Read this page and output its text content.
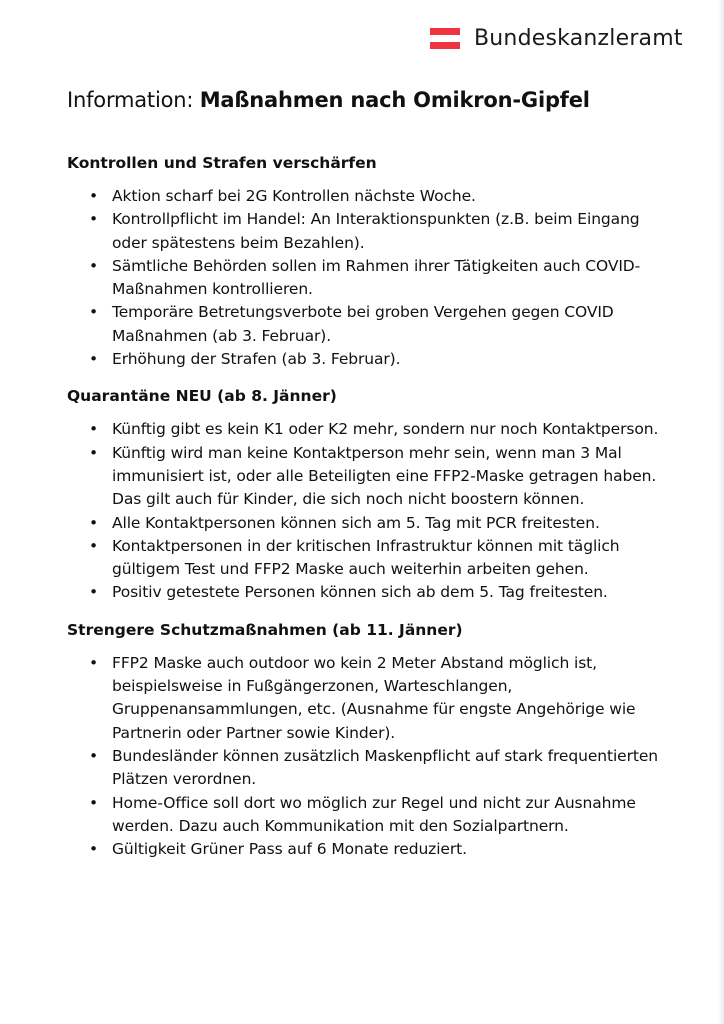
Bundeskanzleramt
Information: Maßnahmen nach Omikron-Gipfel
Kontrollen und Strafen verschärfen
• Aktion scharf bei 2G Kontrollen nächste Woche.
• Kontrollpflicht im Handel: An Interaktionspunkten (z.B. beim Eingang oder spätestens beim Bezahlen).
• Sämtliche Behörden sollen im Rahmen ihrer Tätigkeiten auch COVID-Maßnahmen kontrollieren.
• Temporäre Betretungsverbote bei groben Vergehen gegen COVID Maßnahmen (ab 3. Februar).
• Erhöhung der Strafen (ab 3. Februar).
Quarantäne NEU (ab 8. Jänner)
• Künftig gibt es kein K1 oder K2 mehr, sondern nur noch Kontaktperson.
• Künftig wird man keine Kontaktperson mehr sein, wenn man 3 Mal immunisiert ist, oder alle Beteiligten eine FFP2-Maske getragen haben. Das gilt auch für Kinder, die sich noch nicht boostern können.
• Alle Kontaktpersonen können sich am 5. Tag mit PCR freitesten.
• Kontaktpersonen in der kritischen Infrastruktur können mit täglich gültigem Test und FFP2 Maske auch weiterhin arbeiten gehen.
• Positiv getestete Personen können sich ab dem 5. Tag freitesten.
Strengere Schutzmaßnahmen (ab 11. Jänner)
• FFP2 Maske auch outdoor wo kein 2 Meter Abstand möglich ist, beispielsweise in Fußgängerzonen, Warteschlangen, Gruppenansammlungen, etc. (Ausnahme für engste Angehörige wie Partnerin oder Partner sowie Kinder).
• Bundesländer können zusätzlich Maskenpflicht auf stark frequentierten Plätzen verordnen.
• Home-Office soll dort wo möglich zur Regel und nicht zur Ausnahme werden. Dazu auch Kommunikation mit den Sozialpartnern.
• Gültigkeit Grüner Pass auf 6 Monate reduziert.
